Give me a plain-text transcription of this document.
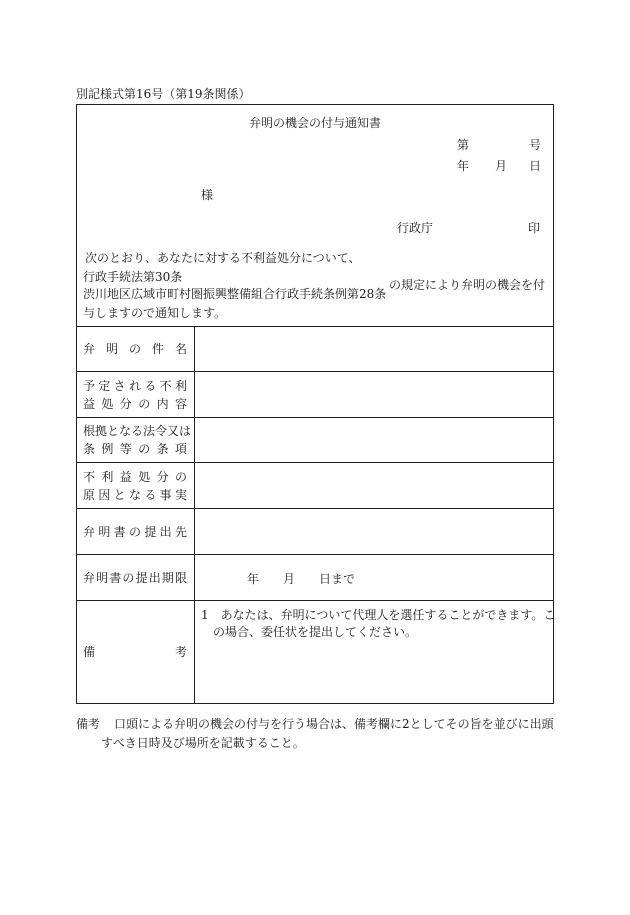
別記様式第16号（第19条関係）
弁明の機会の付与通知書
第	号
年 月 日
様
行政庁	印
次のとおり、あなたに対する不利益処分について、
行政手続法第30条
渋川地区広域市町村圏振興整備組合行政手続条例第28条
の規定により弁明の機会を付
与しますので通知します。
弁 明 の 件 名
予定される不利
益処分の内容
根拠となる法令又は
条例等の条項
不利益処分の
原因となる事実
弁明書の提出先
弁明書の提出期限	年　　月　　日まで
備　　　　考
1　あなたは、弁明について代理人を選任することができます。こ
の場合、委任状を提出してください。
備考 口頭による弁明の機会の付与を行う場合は、備考欄に2としてその旨を並びに出頭
すべき日時及び場所を記載すること。
